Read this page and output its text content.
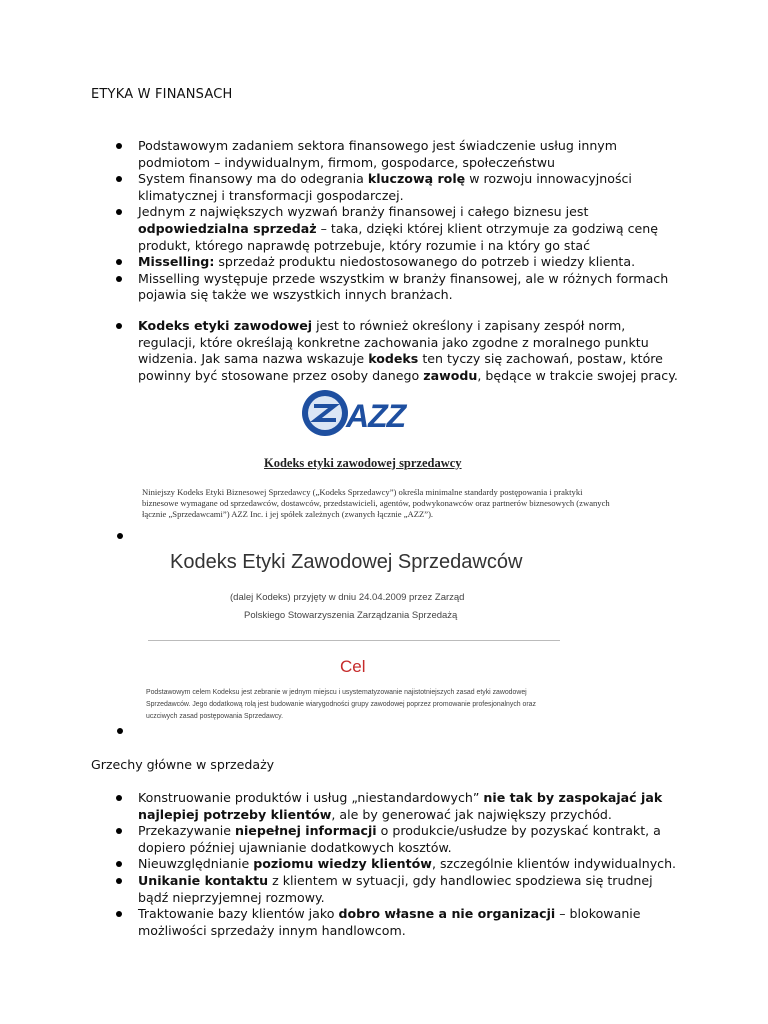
ETYKA W FINANSACH
Podstawowym zadaniem sektora finansowego jest świadczenie usług innym podmiotom – indywidualnym, firmom, gospodarce, społeczeństwu
System finansowy ma do odegrania kluczową rolę w rozwoju innowacyjności klimatycznej i transformacji gospodarczej.
Jednym z największych wyzwań branży finansowej i całego biznesu jest odpowiedzialna sprzedaż – taka, dzięki której klient otrzymuje za godziwą cenę produkt, którego naprawdę potrzebuje, który rozumie i na który go stać
Misselling: sprzedaż produktu niedostosowanego do potrzeb i wiedzy klienta.
Misselling występuje przede wszystkim w branży finansowej, ale w różnych formach pojawia się także we wszystkich innych branżach.
Kodeks etyki zawodowej jest to również określony i zapisany zespół norm, regulacji, które określają konkretne zachowania jako zgodne z moralnego punktu widzenia. Jak sama nazwa wskazuje kodeks ten tyczy się zachowań, postaw, które powinny być stosowane przez osoby danego zawodu, będące w trakcie swojej pracy.
AZZ
Kodeks etyki zawodowej sprzedawcy
Niniejszy Kodeks Etyki Biznesowej Sprzedawcy („Kodeks Sprzedawcy”) określa minimalne standardy postępowania i praktyki biznesowe wymagane od sprzedawców, dostawców, przedstawicieli, agentów, podwykonawców oraz partnerów biznesowych (zwanych łącznie „Sprzedawcami”) AZZ Inc. i jej spółek zależnych (zwanych łącznie „AZZ”).
Kodeks Etyki Zawodowej Sprzedawców
(dalej Kodeks) przyjęty w dniu 24.04.2009 przez Zarząd
Polskiego Stowarzyszenia Zarządzania Sprzedażą
Cel
Podstawowym celem Kodeksu jest zebranie w jednym miejscu i usystematyzowanie najistotniejszych zasad etyki zawodowej Sprzedawców. Jego dodatkową rolą jest budowanie wiarygodności grupy zawodowej poprzez promowanie profesjonalnych oraz uczciwych zasad postępowania Sprzedawcy.
Grzechy główne w sprzedaży
Konstruowanie produktów i usług „niestandardowych” nie tak by zaspokajać jak najlepiej potrzeby klientów, ale by generować jak największy przychód.
Przekazywanie niepełnej informacji o produkcie/usłudze by pozyskać kontrakt, a dopiero później ujawnianie dodatkowych kosztów.
Nieuwzględnianie poziomu wiedzy klientów, szczególnie klientów indywidualnych.
Unikanie kontaktu z klientem w sytuacji, gdy handlowiec spodziewa się trudnej bądź nieprzyjemnej rozmowy.
Traktowanie bazy klientów jako dobro własne a nie organizacji – blokowanie możliwości sprzedaży innym handlowcom.
